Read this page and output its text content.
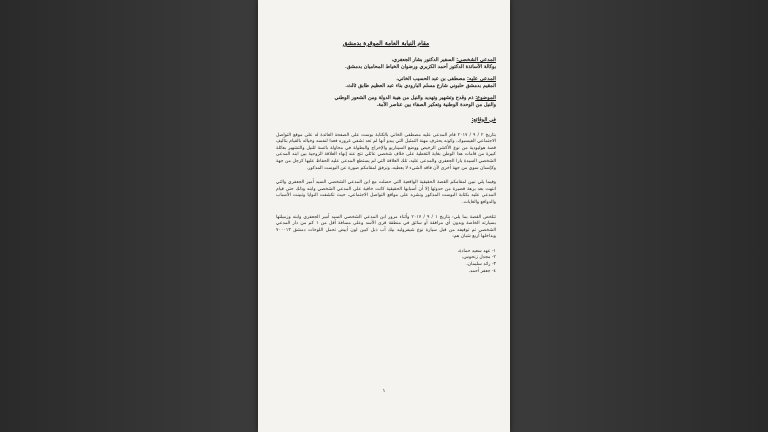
مقام النيابة العامة الموقرة بدمشق
المدعي الشخصي: السفير الدكتور بشار الجعفري،
بوكالة الأساتذة الدكتور أحمد الكزبري ورضوان الخياط المحاميان بدمشق.
المدعى عليه: مصطفى بن عبد الحسيب الخاني،
المقيم بدمشق حلبوني شارع مسلم البارودي بناء عبد العظيم طابق ثالث.
الموضوع: ذم وقدح وتشهير وتهديد والنيل من هيبة الدولة ومن الشعور الوطني
والنيل من الوحدة الوطنية وتعكير الصفاء بين عناصر الأمة.
في الوقائع:
بتاريخ ٢ / ٩ / ٢٠١٧ قام المدعى عليه مصطفى الخاني بالكتابة بوست على الصفحة العائدة له على موقع التواصل الاجتماعي الفيسبوك، وكونه يحترف مهنة التمثيل التي يبدو أنها لم تعد تشفي غروره فعدا لنفسه وخياله بالقيام بتأليف قصة هوليودية من نوع الأكشن الرخيص ووضع السيناريو والإخراج والبطولة في محاولة بائسة للنيل والتشهير بعائلة كبيرة من قامات هذا الوطن بغاية التغطية على خلاف شخصي عائلي نتج عنه إنهاء العلاقة الزوجية بين ابنه المدعى الشخصي السيدة يارا الجعفري والمدعى عليه، تلك العلاقة التي لم يستطع المدعى عليه الحفاظ عليها كرجل من جهة وكإنسان سوي من جهة أخرى لأن فاقد الشيء لا يعطيه، ونرفق لمقامكم صورة عن البوست المذكور.
وفيما يلي نبين لمقامكم القصة الحقيقية الواقعية التي حصلت مع ابن المدعي الشخصي السيد أمير الجعفري والتي انتهت بعد برهة قصيرة من حدوثها إلا أن أسبابها الحقيقية كانت خافية على المدعي الشخصي وابنه وذلك حتى قيام المدعى عليه بكتابة البوست المذكور ونشره على مواقع التواصل الاجتماعي، حيث تكشفت النوايا وتبينت الأسباب والدوافع والغايات.
تتلخص القصة بما يلي: بتاريخ ١ / ٩ / ٢٠١٧ وأثناء مرور ابن المدعي الشخصي السيد أمير الجعفري وابنه وزميلتها بسيارته الخاصة وبدون أي مرافقة أو سائق في منطقة قرى الأسد وعلى مسافة أقل من ١ كم من دار المدعي الشخصي تم توقيفه من قبل سيارة نوع شيفروليه بيك أب ذبل كبين لون أبيض تحمل اللوحات دمشق ٧٠٠٠١٣ وبداخلها أربع شبان هم:
١- عهد سعيد حمادة،
٢- مجدل زنحوس،
٣- رائد سليمان،
٤- جعفر أحمد.
١
